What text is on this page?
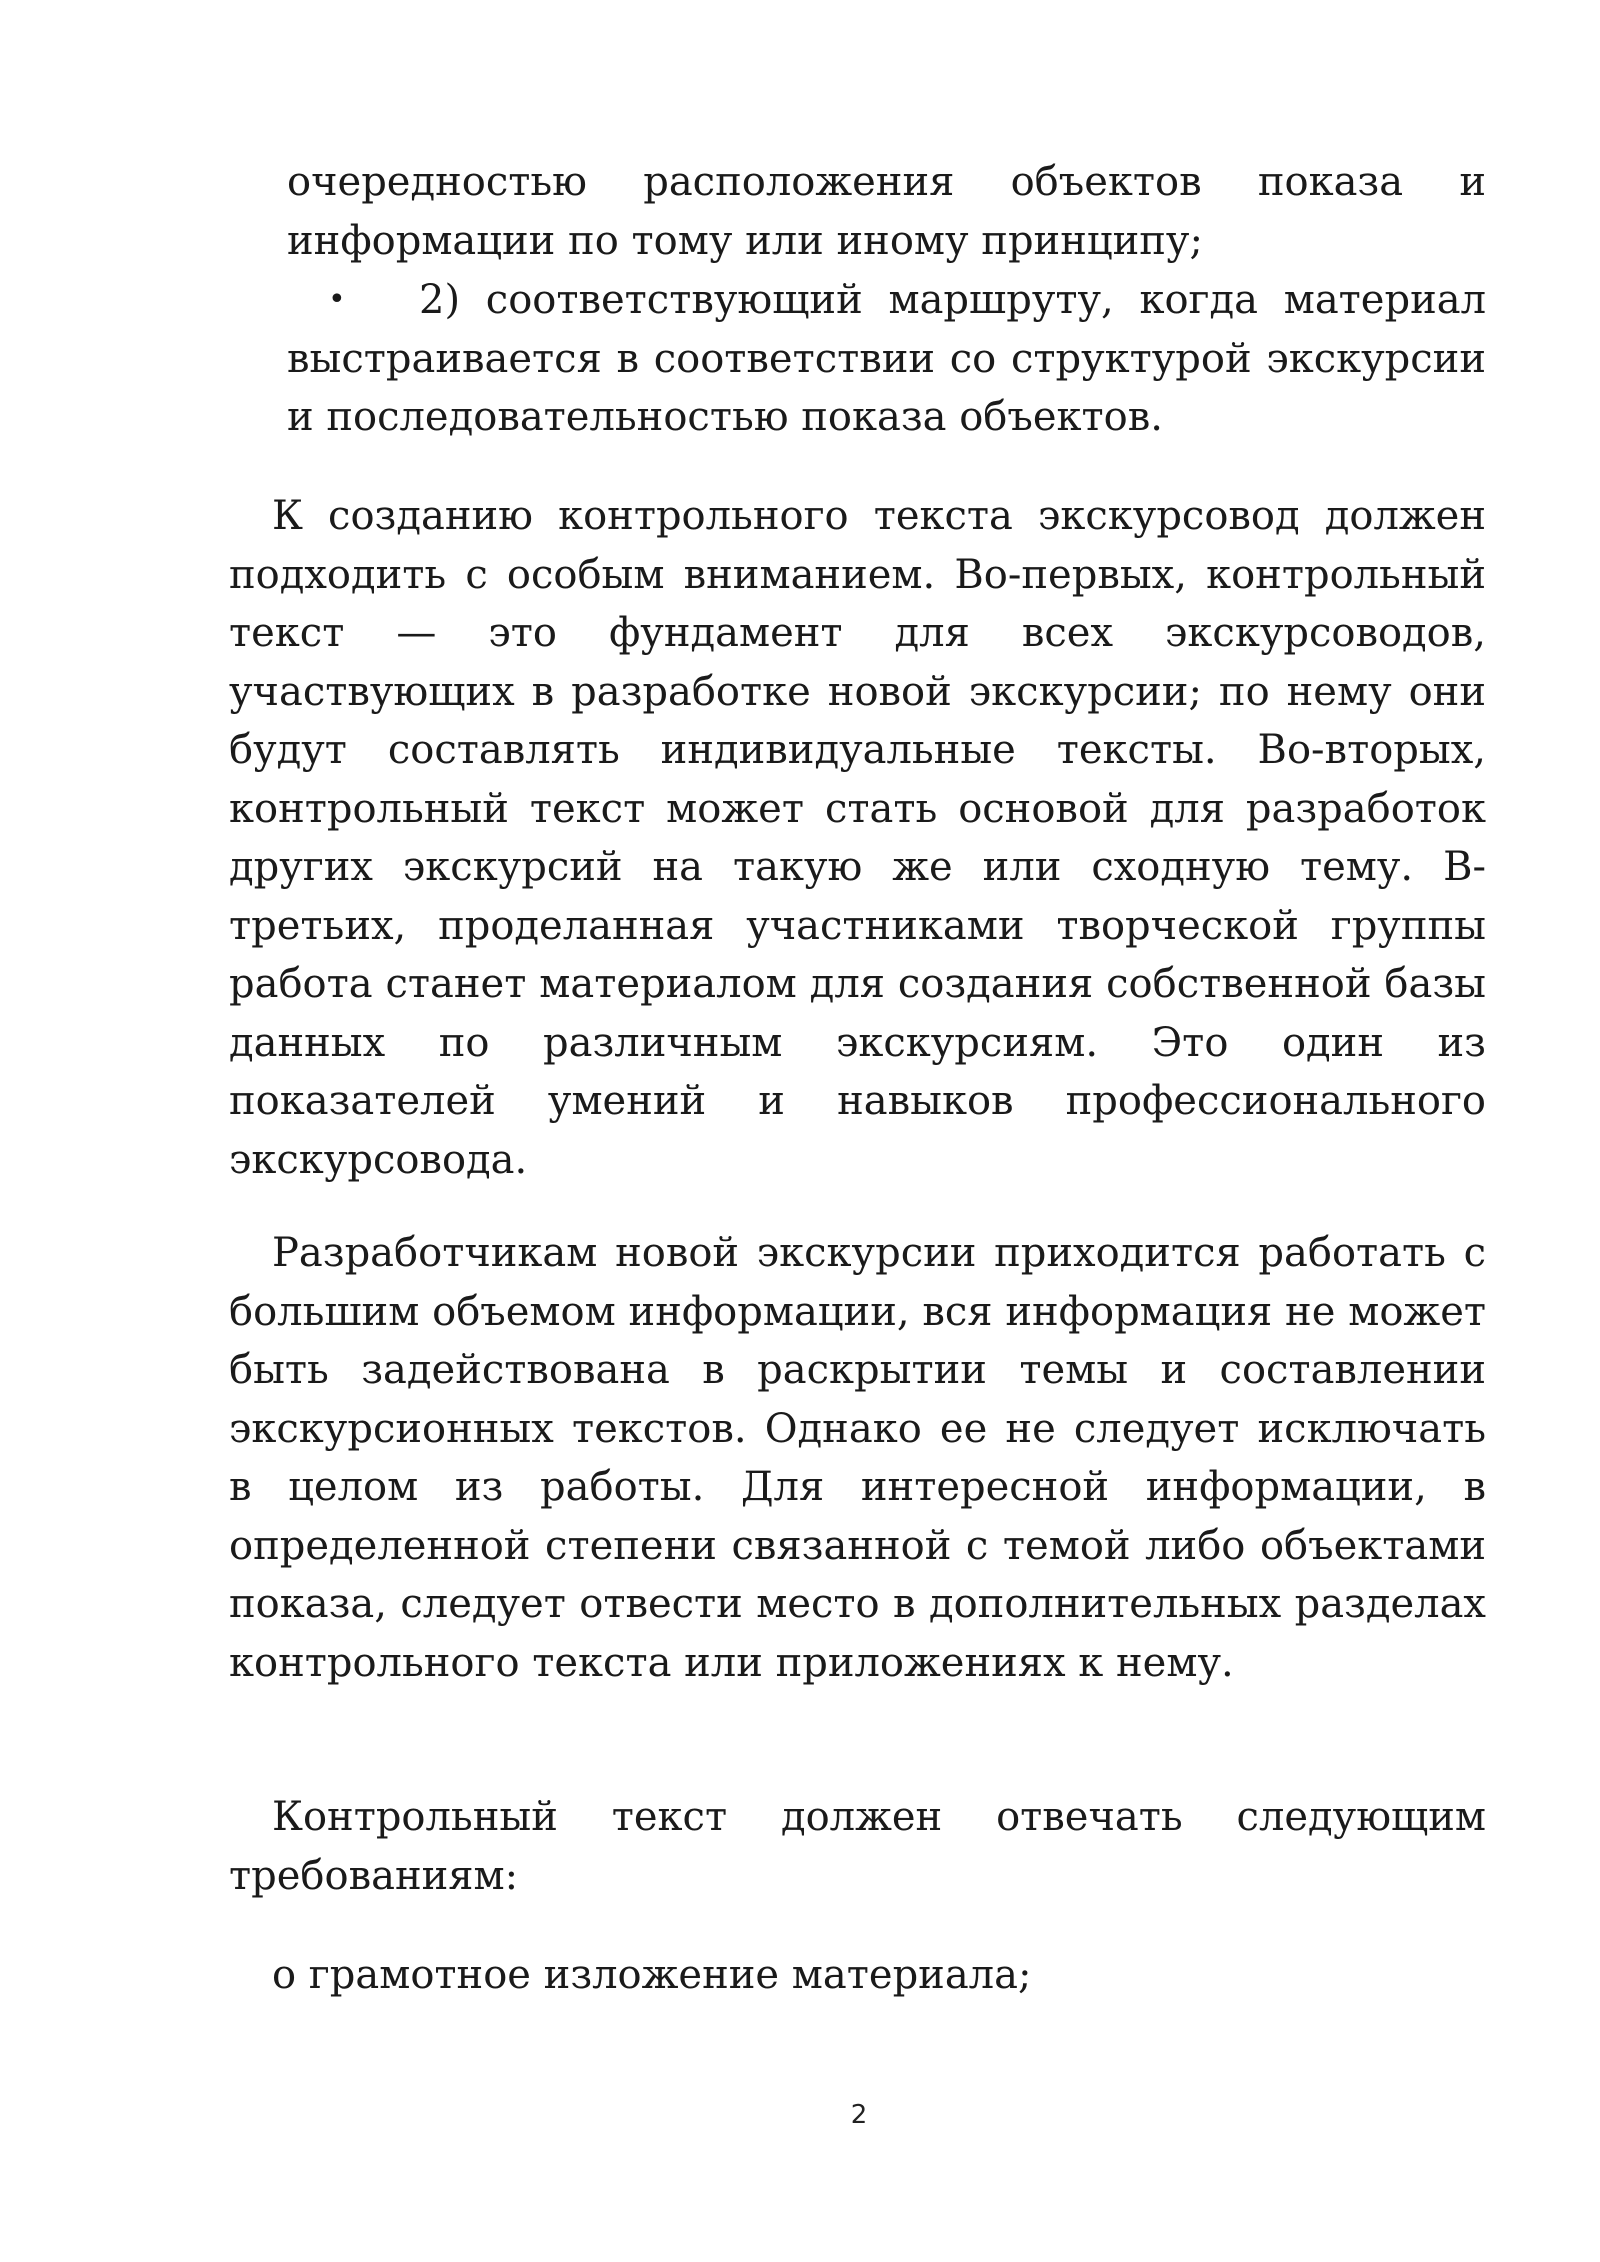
очередностью расположения объектов показа и информации по тому или иному принципу;

•	2) соответствующий маршруту, когда материал выстраивается в соответствии со структурой экскурсии и последовательностью показа объектов.

К созданию контрольного текста экскурсовод должен подходить с особым вниманием. Во-первых, контрольный текст — это фундамент для всех экскурсоводов, участвующих в разработке новой экскурсии; по нему они будут составлять индивидуальные тексты. Во-вторых, контрольный текст может стать основой для разработок других экскурсий на такую же или сходную тему. В-третьих, проделанная участниками творческой группы работа станет материалом для создания собственной базы данных по различным экскурсиям. Это один из показателей умений и навыков профессионального экскурсовода.

Разработчикам новой экскурсии приходится работать с большим объемом информации, вся информация не может быть задействована в раскрытии темы и составлении экскурсионных текстов. Однако ее не следует исключать в целом из работы. Для интересной информации, в определенной степени связанной с темой либо объектами показа, следует отвести место в дополнительных разделах контрольного текста или приложениях к нему.

Контрольный текст должен отвечать следующим требованиям:

о грамотное изложение материала;

2
